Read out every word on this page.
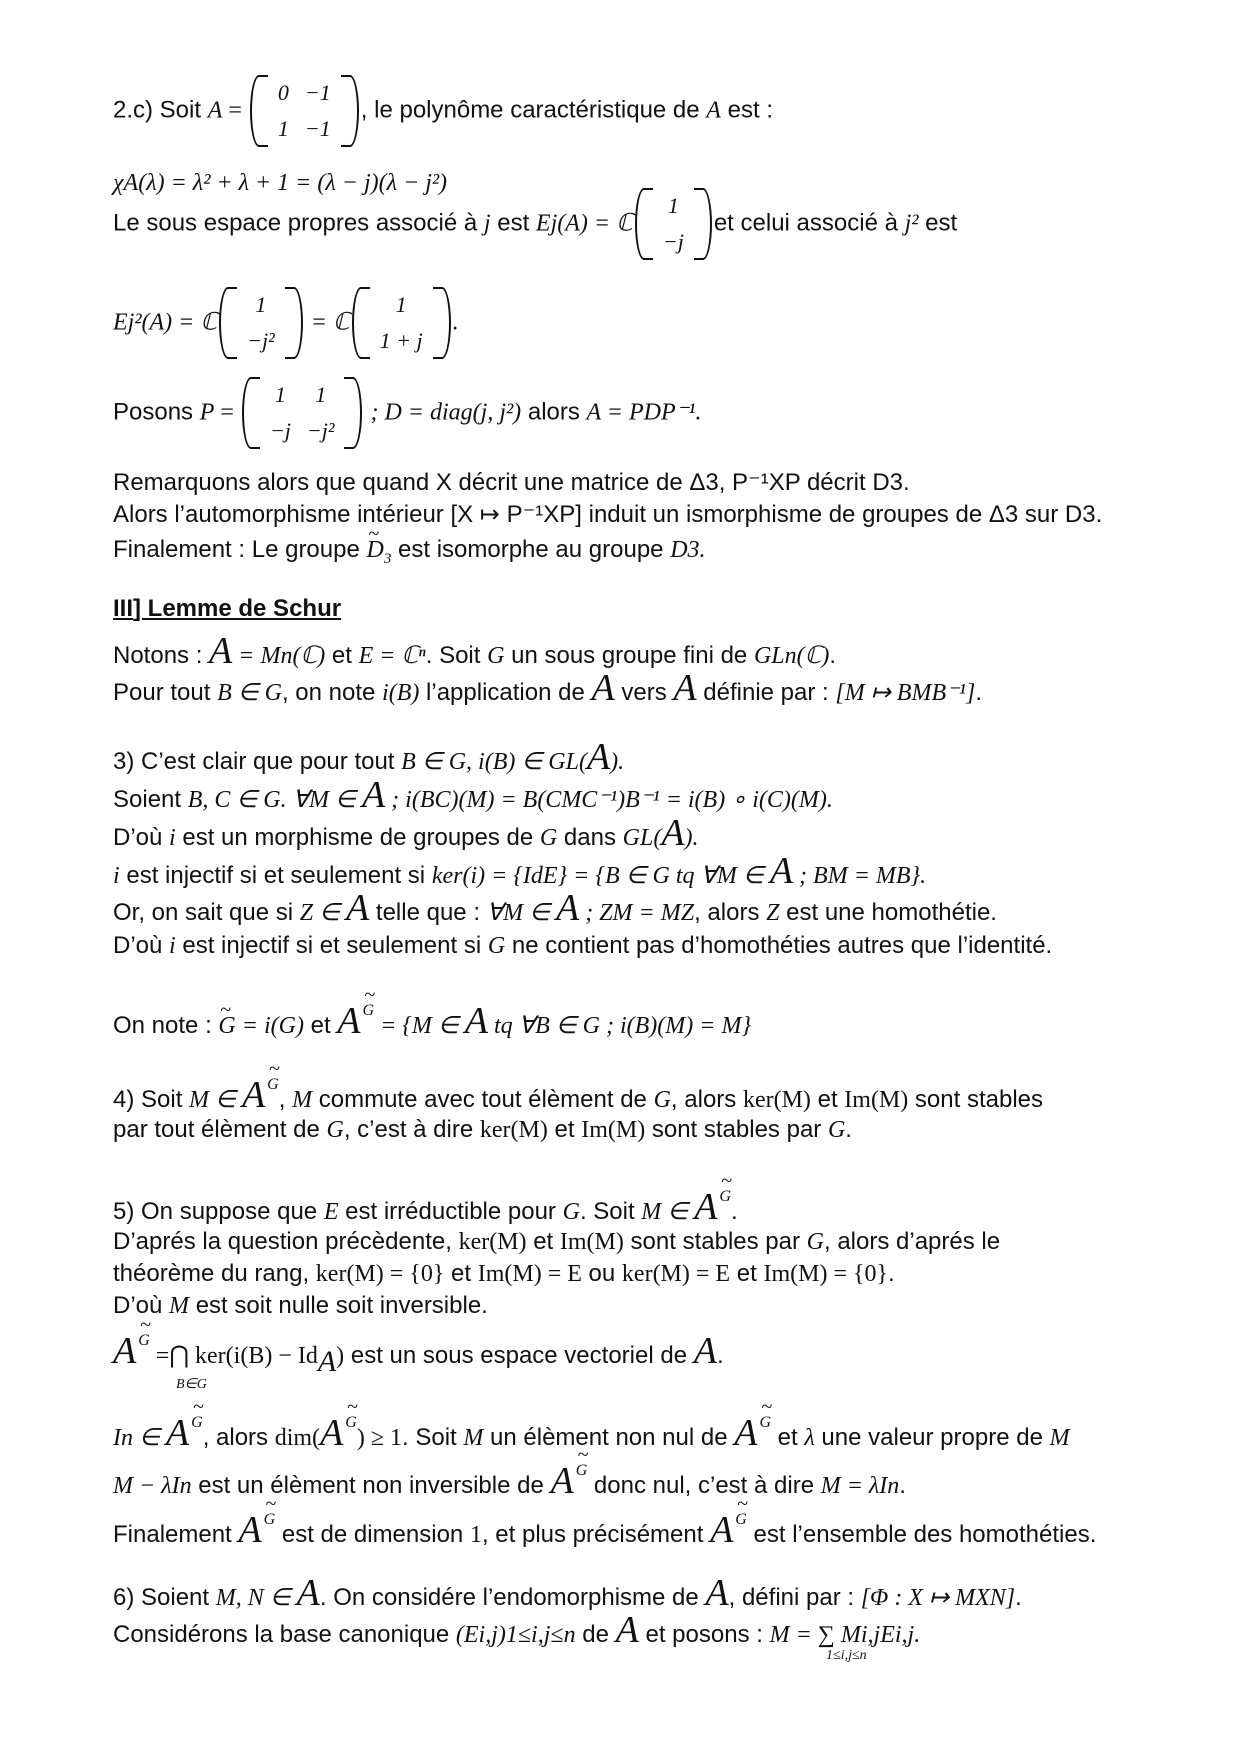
2.c) Soit A =
0	−1
1	−1
, le polynôme caractéristique de A est :
χA(λ) = λ² + λ + 1 = (λ − j)(λ − j²)
Le sous espace propres associé à j est Ej(A) = ℂ
1
−j
et celui associé à j² est
Ej²(A) = ℂ
1
−j²
= ℂ
1
1 + j
.
Posons P =
1	1
−j	−j²
; D = diag(j, j²) alors A = PDP⁻¹.
Remarquons alors que quand X décrit une matrice de Δ3, P⁻¹XP décrit D3.
Alors l’automorphisme intérieur [X ↦ P⁻¹XP] induit un ismorphisme de groupes de Δ3 sur D3.
Finalement : Le groupe ~ $D_3$ est isomorphe au groupe D3.
III] Lemme de Schur
Notons : A = Mn(ℂ) et E = ℂⁿ. Soit G un sous groupe fini de GLn(ℂ).
Pour tout B ∈ G, on note i(B) l’application de A vers A définie par : [M ↦ BMB⁻¹].
3) C’est clair que pour tout B ∈ G, i(B) ∈ GL(A).
Soient B, C ∈ G. ∀M ∈ A ; i(BC)(M) = B(CMC⁻¹)B⁻¹ = i(B) ∘ i(C)(M).
D’où i est un morphisme de groupes de G dans GL(A).
i est injectif si et seulement si ker(i) = {IdE} = {B ∈ G tq ∀M ∈ A ; BM = MB}.
Or, on sait que si Z ∈ A telle que : ∀M ∈ A ; ZM = MZ, alors Z est une homothétie.
D’où i est injectif si et seulement si G ne contient pas d’homothéties autres que l’identité.
On note : ~ G = i(G) et A ~ G = {M ∈ A tq ∀B ∈ G ; i(B)(M) = M}
4) Soit M ∈ A ~ G, M commute avec tout élèment de G, alors ker(M) et Im(M) sont stables
par tout élèment de G, c’est à dire ker(M) et Im(M) sont stables par G.
5) On suppose que E est irréductible pour G. Soit M ∈ A ~ G.
D’aprés la question précèdente, ker(M) et Im(M) sont stables par G, alors d’aprés le
théorème du rang, ker(M) = {0} et Im(M) = E ou ker(M) = E et Im(M) = {0}.
D’où M est soit nulle soit inversible.
A ~ G =⋂ ker(i(B) − IdA) est un sous espace vectoriel de A.
B∈G
In ∈ A ~ G, alors dim(A ~ G) ≥ 1. Soit M un élèment non nul de A ~ G et λ une valeur propre de M
M − λIn est un élèment non inversible de A ~ G donc nul, c’est à dire M = λIn.
Finalement A ~ G est de dimension 1, et plus précisément A ~ G est l’ensemble des homothéties.
6) Soient M, N ∈ A. On considére l’endomorphisme de A, défini par : [Φ : X ↦ MXN].
Considérons la base canonique (Ei,j)1≤i,j≤n de A et posons : M = ∑ Mi,jEi,j.
1≤i,j≤n
